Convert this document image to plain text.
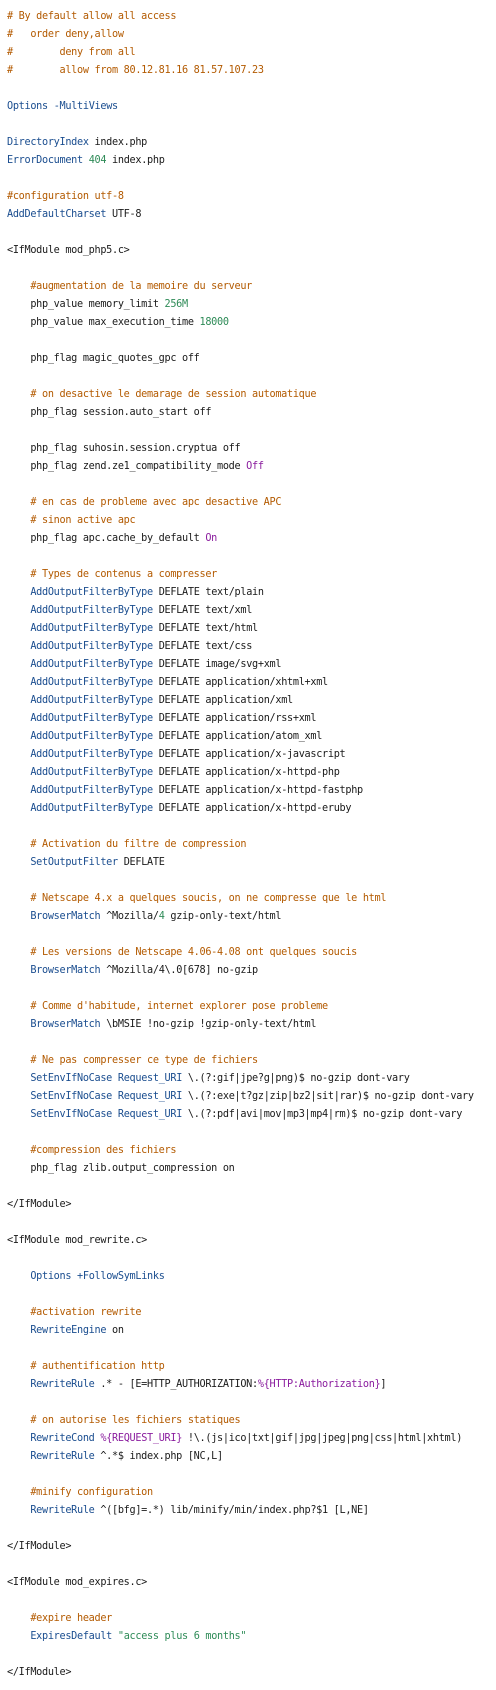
# By default allow all access
#   order deny,allow
#        deny from all
#        allow from 80.12.81.16 81.57.107.23

Options -MultiViews

DirectoryIndex index.php
ErrorDocument 404 index.php

#configuration utf-8
AddDefaultCharset UTF-8

<IfModule mod_php5.c>

#augmentation de la memoire du serveur
php_value memory_limit 256M
php_value max_execution_time 18000

php_flag magic_quotes_gpc off

# on desactive le demarage de session automatique
php_flag session.auto_start off

php_flag suhosin.session.cryptua off
php_flag zend.ze1_compatibility_mode Off

# en cas de probleme avec apc desactive APC
# sinon active apc
php_flag apc.cache_by_default On

# Types de contenus a compresser
AddOutputFilterByType DEFLATE text/plain
AddOutputFilterByType DEFLATE text/xml
AddOutputFilterByType DEFLATE text/html
AddOutputFilterByType DEFLATE text/css
AddOutputFilterByType DEFLATE image/svg+xml
AddOutputFilterByType DEFLATE application/xhtml+xml
AddOutputFilterByType DEFLATE application/xml
AddOutputFilterByType DEFLATE application/rss+xml
AddOutputFilterByType DEFLATE application/atom_xml
AddOutputFilterByType DEFLATE application/x-javascript
AddOutputFilterByType DEFLATE application/x-httpd-php
AddOutputFilterByType DEFLATE application/x-httpd-fastphp
AddOutputFilterByType DEFLATE application/x-httpd-eruby

# Activation du filtre de compression
SetOutputFilter DEFLATE

# Netscape 4.x a quelques soucis, on ne compresse que le html
BrowserMatch ^Mozilla/4 gzip-only-text/html

# Les versions de Netscape 4.06-4.08 ont quelques soucis
BrowserMatch ^Mozilla/4\.0[678] no-gzip

# Comme d'habitude, internet explorer pose probleme
BrowserMatch \bMSIE !no-gzip !gzip-only-text/html

# Ne pas compresser ce type de fichiers
SetEnvIfNoCase Request_URI \.(?:gif|jpe?g|png)$ no-gzip dont-vary
SetEnvIfNoCase Request_URI \.(?:exe|t?gz|zip|bz2|sit|rar)$ no-gzip dont-vary
SetEnvIfNoCase Request_URI \.(?:pdf|avi|mov|mp3|mp4|rm)$ no-gzip dont-vary

#compression des fichiers
php_flag zlib.output_compression on

</IfModule>

<IfModule mod_rewrite.c>

Options +FollowSymLinks

#activation rewrite
RewriteEngine on

# authentification http
RewriteRule .* - [E=HTTP_AUTHORIZATION:%{HTTP:Authorization}]

# on autorise les fichiers statiques
RewriteCond %{REQUEST_URI} !\.(js|ico|txt|gif|jpg|jpeg|png|css|html|xhtml)
RewriteRule ^.*$ index.php [NC,L]

#minify configuration
RewriteRule ^([bfg]=.*) lib/minify/min/index.php?$1 [L,NE]

</IfModule>

<IfModule mod_expires.c>

#expire header
ExpiresDefault "access plus 6 months"

</IfModule>
